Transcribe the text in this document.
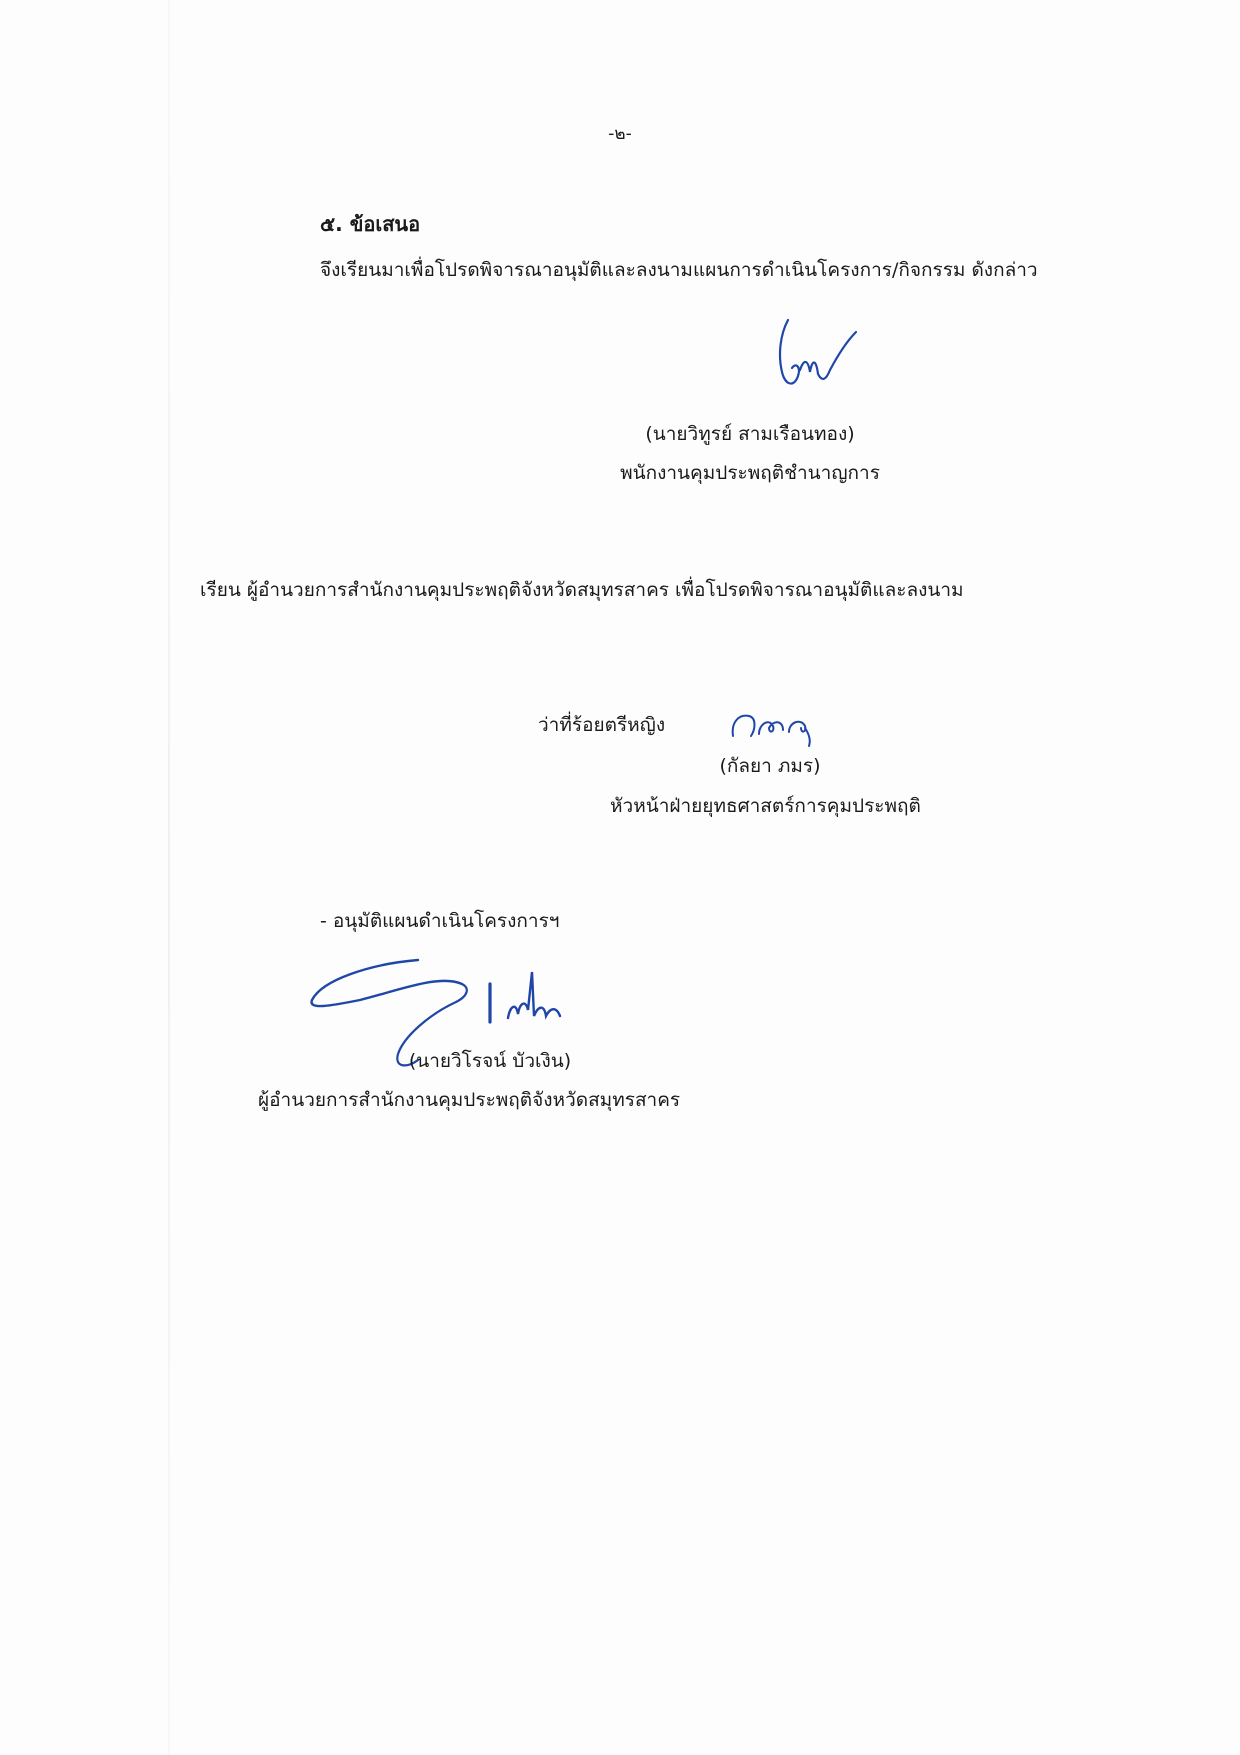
-๒-
๕. ข้อเสนอ
จึงเรียนมาเพื่อโปรดพิจารณาอนุมัติและลงนามแผนการดำเนินโครงการ/กิจกรรม ดังกล่าว
(นายวิทูรย์ สามเรือนทอง)
พนักงานคุมประพฤติชำนาญการ
เรียน ผู้อำนวยการสำนักงานคุมประพฤติจังหวัดสมุทรสาคร เพื่อโปรดพิจารณาอนุมัติและลงนาม
ว่าที่ร้อยตรีหญิง
(กัลยา ภมร)
หัวหน้าฝ่ายยุทธศาสตร์การคุมประพฤติ
- อนุมัติแผนดำเนินโครงการฯ
(นายวิโรจน์ บัวเงิน)
ผู้อำนวยการสำนักงานคุมประพฤติจังหวัดสมุทรสาคร
